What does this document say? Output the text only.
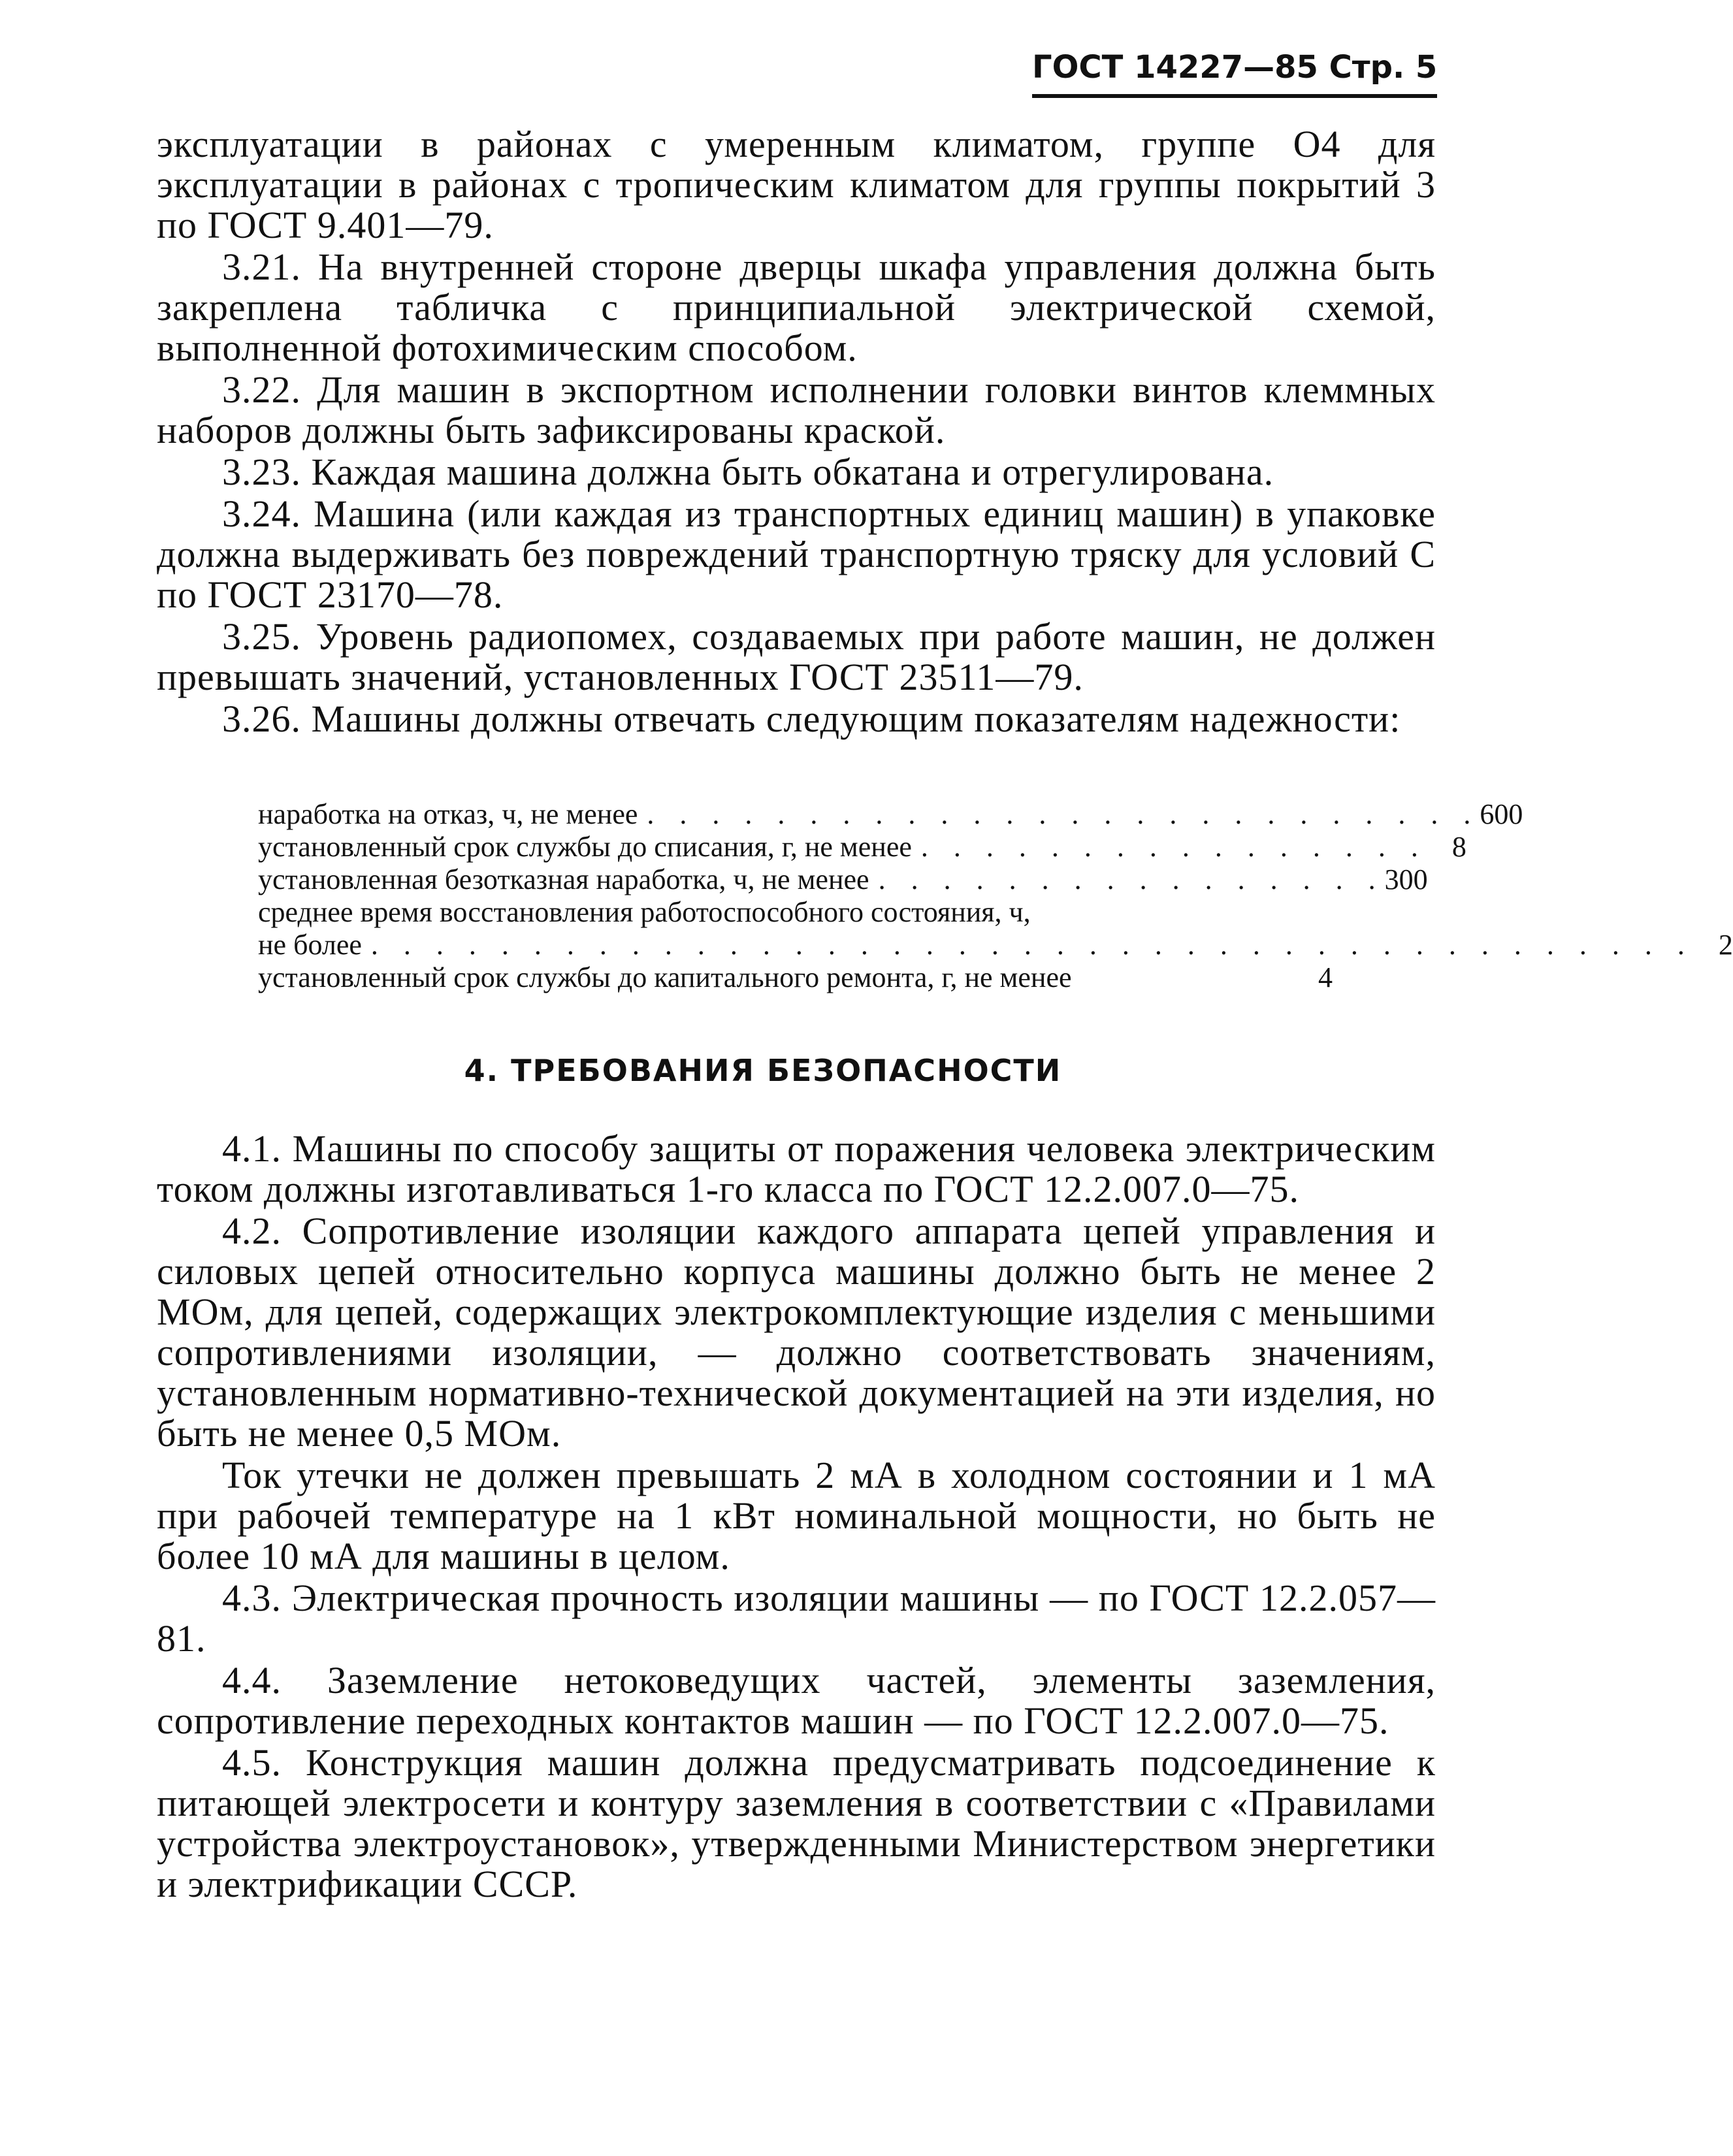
ГОСТ 14227—85 Стр. 5

эксплуатации в районах с умеренным климатом, группе О4 для эксплуатации в районах с тропическим климатом для группы покрытий 3 по ГОСТ 9.401—79.

3.21. На внутренней стороне дверцы шкафа управления должна быть закреплена табличка с принципиальной электрической схемой, выполненной фотохимическим способом.

3.22. Для машин в экспортном исполнении головки винтов клеммных наборов должны быть зафиксированы краской.

3.23. Каждая машина должна быть обкатана и отрегулирована.

3.24. Машина (или каждая из транспортных единиц машин) в упаковке должна выдерживать без повреждений транспортную тряску для условий С по ГОСТ 23170—78.

3.25. Уровень радиопомех, создаваемых при работе машин, не должен превышать значений, установленных ГОСТ 23511—79.

3.26. Машины должны отвечать следующим показателям надежности:

наработка на отказ, ч, не менее . . . . . . . . . . . . . . . . . . . . . . . . . . 600
установленный срок службы до списания, г, не менее . . . . . . . . . . . . . . . . 8
установленная безотказная наработка, ч, не менее . . . . . . . . . . . . . . . . 300
среднее время восстановления работоспособного состояния, ч,
не более . . . . . . . . . . . . . . . . . . . . . . . . . . . . . . . . . . . . . . . . . 2
установленный срок службы до капитального ремонта, г, не менее	4
4. ТРЕБОВАНИЯ БЕЗОПАСНОСТИ

4.1. Машины по способу защиты от поражения человека электрическим током должны изготавливаться 1-го класса по ГОСТ 12.2.007.0—75.

4.2. Сопротивление изоляции каждого аппарата цепей управления и силовых цепей относительно корпуса машины должно быть не менее 2 МОм, для цепей, содержащих электрокомплектующие изделия с меньшими сопротивлениями изоляции, — должно соответствовать значениям, установленным нормативно-технической документацией на эти изделия, но быть не менее 0,5 МОм.

Ток утечки не должен превышать 2 мА в холодном состоянии и 1 мА при рабочей температуре на 1 кВт номинальной мощности, но быть не более 10 мА для машины в целом.

4.3. Электрическая прочность изоляции машины — по ГОСТ 12.2.057—81.

4.4. Заземление нетоковедущих частей, элементы заземления, сопротивление переходных контактов машин — по ГОСТ 12.2.007.0—75.

4.5. Конструкция машин должна предусматривать подсоединение к питающей электросети и контуру заземления в соответствии с «Правилами устройства электроустановок», утвержденными Министерством энергетики и электрификации СССР.
